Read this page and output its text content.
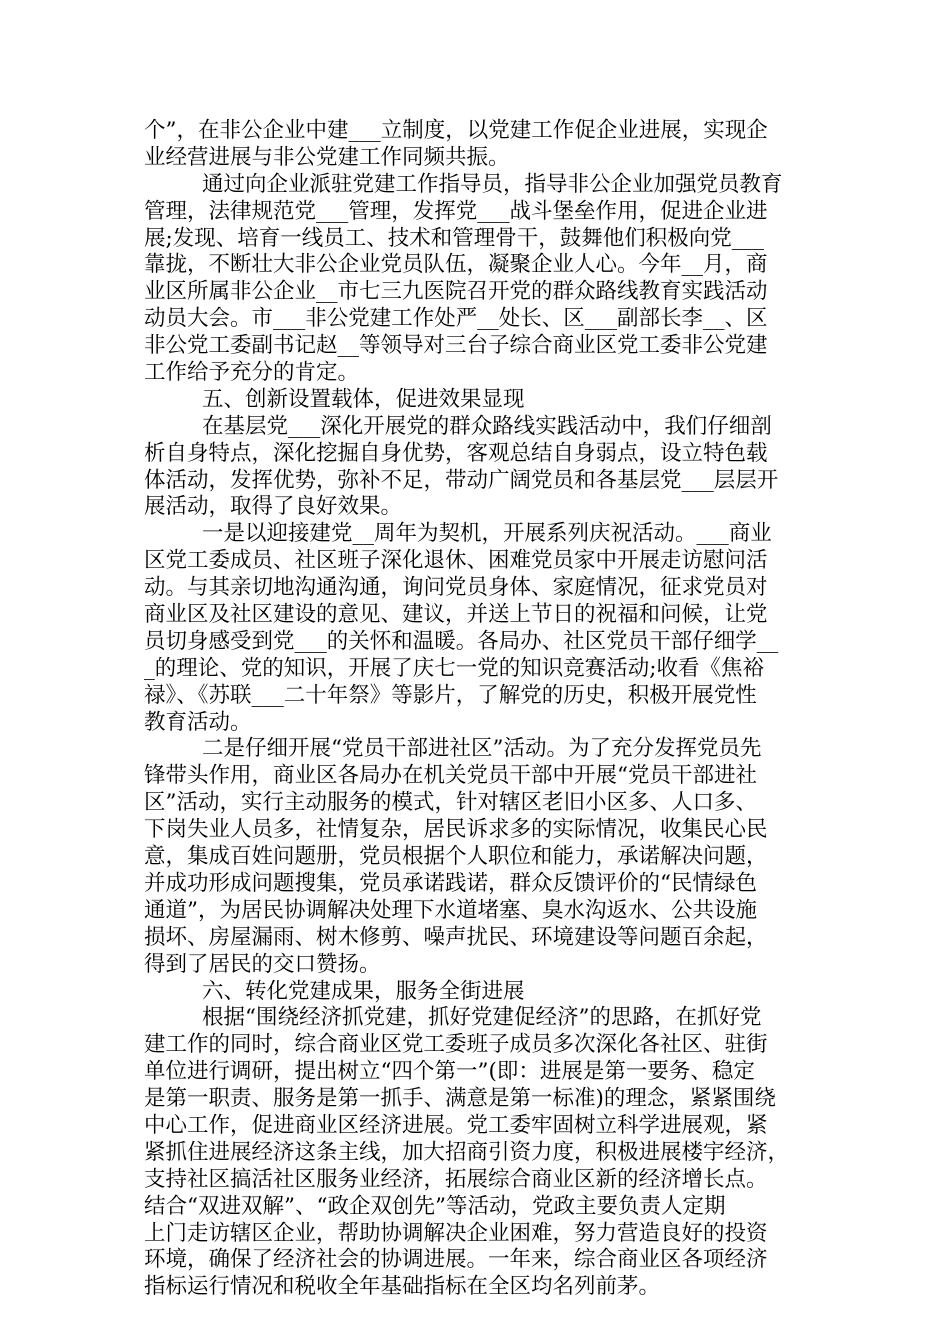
个”，在非公企业中建___立制度，以党建工作促企业进展，实现企
业经营进展与非公党建工作同频共振。
通过向企业派驻党建工作指导员，指导非公企业加强党员教育
管理，法律规范党___管理，发挥党___战斗堡垒作用，促进企业进
展;发现、培育一线员工、技术和管理骨干，鼓舞他们积极向党___
靠拢，不断壮大非公企业党员队伍，凝聚企业人心。今年__月，商
业区所属非公企业__市七三九医院召开党的群众路线教育实践活动
动员大会。市___非公党建工作处严__处长、区___副部长李__、区
非公党工委副书记赵__等领导对三台子综合商业区党工委非公党建
工作给予充分的肯定。
五、创新设置载体，促进效果显现
在基层党___深化开展党的群众路线实践活动中，我们仔细剖
析自身特点，深化挖掘自身优势，客观总结自身弱点，设立特色载
体活动，发挥优势，弥补不足，带动广阔党员和各基层党___层层开
展活动，取得了良好效果。
一是以迎接建党__周年为契机，开展系列庆祝活动。___商业
区党工委成员、社区班子深化退休、困难党员家中开展走访慰问活
动。与其亲切地沟通沟通，询问党员身体、家庭情况，征求党员对
商业区及社区建设的意见、建议，并送上节日的祝福和问候，让党
员切身感受到党___的关怀和温暖。各局办、社区党员干部仔细学__
_的理论、党的知识，开展了庆七一党的知识竞赛活动;收看《焦裕
禄》、《苏联___二十年祭》等影片，了解党的历史，积极开展党性
教育活动。
二是仔细开展“党员干部进社区”活动。为了充分发挥党员先
锋带头作用，商业区各局办在机关党员干部中开展“党员干部进社
区”活动，实行主动服务的模式，针对辖区老旧小区多、人口多、
下岗失业人员多，社情复杂，居民诉求多的实际情况，收集民心民
意，集成百姓问题册，党员根据个人职位和能力，承诺解决问题，
并成功形成问题搜集，党员承诺践诺，群众反馈评价的“民情绿色
通道”，为居民协调解决处理下水道堵塞、臭水沟返水、公共设施
损坏、房屋漏雨、树木修剪、噪声扰民、环境建设等问题百余起，
得到了居民的交口赞扬。
六、转化党建成果，服务全街进展
根据“围绕经济抓党建，抓好党建促经济”的思路，在抓好党
建工作的同时，综合商业区党工委班子成员多次深化各社区、驻街
单位进行调研，提出树立“四个第一”(即：进展是第一要务、稳定
是第一职责、服务是第一抓手、满意是第一标准)的理念，紧紧围绕
中心工作，促进商业区经济进展。党工委牢固树立科学进展观，紧
紧抓住进展经济这条主线，加大招商引资力度，积极进展楼宇经济，
支持社区搞活社区服务业经济，拓展综合商业区新的经济增长点。
结合“双进双解”、“政企双创先”等活动，党政主要负责人定期
上门走访辖区企业，帮助协调解决企业困难，努力营造良好的投资
环境，确保了经济社会的协调进展。一年来，综合商业区各项经济
指标运行情况和税收全年基础指标在全区均名列前茅。
